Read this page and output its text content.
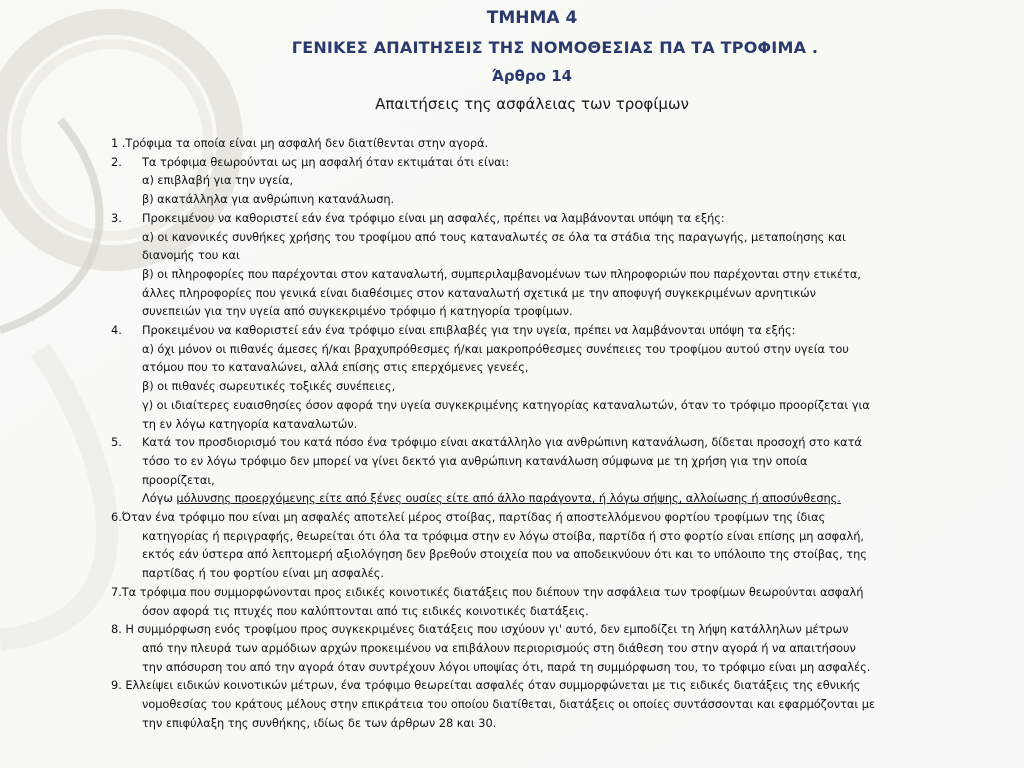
ΤΜΗΜΑ 4
ΓΕΝΙΚΕΣ ΑΠΑΙΤΗΣΕΙΣ ΤΗΣ ΝΟΜΟΘΕΣΙΑΣ ΠΑ ΤΑ ΤΡΟΦΙΜΑ .
Άρθρο 14
Απαιτήσεις της ασφάλειας των τροφίμων
1 .Τρόφιμα τα οποία είναι μη ασφαλή δεν διατίθενται στην αγορά.
2. Τα τρόφιμα θεωρούνται ως μη ασφαλή όταν εκτιμάται ότι είναι:
α) επιβλαβή για την υγεία,
β) ακατάλληλα για ανθρώπινη κατανάλωση.
3. Προκειμένου να καθοριστεί εάν ένα τρόφιμο είναι μη ασφαλές, πρέπει να λαμβάνονται υπόψη τα εξής:
α) οι κανονικές συνθήκες χρήσης του τροφίμου από τους καταναλωτές σε όλα τα στάδια της παραγωγής, μεταποίησης και
διανομής του και
β) οι πληροφορίες που παρέχονται στον καταναλωτή, συμπεριλαμβανομένων των πληροφοριών που παρέχονται στην ετικέτα,
άλλες πληροφορίες που γενικά είναι διαθέσιμες στον καταναλωτή σχετικά με την αποφυγή συγκεκριμένων αρνητικών
συνεπειών για την υγεία από συγκεκριμένο τρόφιμο ή κατηγορία τροφίμων.
4. Προκειμένου να καθοριστεί εάν ένα τρόφιμο είναι επιβλαβές για την υγεία, πρέπει να λαμβάνονται υπόψη τα εξής:
α) όχι μόνον οι πιθανές άμεσες ή/και βραχυπρόθεσμες ή/και μακροπρόθεσμες συνέπειες του τροφίμου αυτού στην υγεία του
ατόμου που το καταναλώνει, αλλά επίσης στις επερχόμενες γενεές,
β) οι πιθανές σωρευτικές τοξικές συνέπειες,
γ) οι ιδιαίτερες ευαισθησίες όσον αφορά την υγεία συγκεκριμένης κατηγορίας καταναλωτών, όταν το τρόφιμο προορίζεται για
τη εν λόγω κατηγορία καταναλωτών.
5. Κατά τον προσδιορισμό του κατά πόσο ένα τρόφιμο είναι ακατάλληλο για ανθρώπινη κατανάλωση, δίδεται προσοχή στο κατά
τόσο το εν λόγω τρόφιμο δεν μπορεί να γίνει δεκτό για ανθρώπινη κατανάλωση σύμφωνα με τη χρήση για την οποία
προορίζεται,
Λόγω μόλυνσης προερχόμενης είτε από ξένες ουσίες είτε από άλλο παράγοντα, ή λόγω σήψης, αλλοίωσης ή αποσύνθεσης.
6.Όταν ένα τρόφιμο που είναι μη ασφαλές αποτελεί μέρος στοίβας, παρτίδας ή αποστελλόμενου φορτίου τροφίμων της ίδιας
κατηγορίας ή περιγραφής, θεωρείται ότι όλα τα τρόφιμα στην εν λόγω στοίβα, παρτίδα ή στο φορτίο είναι επίσης μη ασφαλή,
εκτός εάν ύστερα από λεπτομερή αξιολόγηση δεν βρεθούν στοιχεία που να αποδεικνύουν ότι και το υπόλοιπο της στοίβας, της
παρτίδας ή του φορτίου είναι μη ασφαλές.
7.Τα τρόφιμα που συμμορφώνονται προς ειδικές κοινοτικές διατάξεις που διέπουν την ασφάλεια των τροφίμων θεωρούνται ασφαλή
όσον αφορά τις πτυχές που καλύπτονται από τις ειδικές κοινοτικές διατάξεις.
8. Η συμμόρφωση ενός τροφίμου προς συγκεκριμένες διατάξεις που ισχύουν γι' αυτό, δεν εμποδίζει τη λήψη κατάλληλων μέτρων
από την πλευρά των αρμόδιων αρχών προκειμένου να επιβάλουν περιορισμούς στη διάθεση του στην αγορά ή να απαιτήσουν
την απόσυρση του από την αγορά όταν συντρέχουν λόγοι υποψίας ότι, παρά τη συμμόρφωση του, το τρόφιμο είναι μη ασφαλές.
9. Ελλείψει ειδικών κοινοτικών μέτρων, ένα τρόφιμο θεωρείται ασφαλές όταν συμμορφώνεται με τις ειδικές διατάξεις της εθνικής
νομοθεσίας του κράτους μέλους στην επικράτεια του οποίου διατίθεται, διατάξεις οι οποίες συντάσσονται και εφαρμόζονται με
την επιφύλαξη της συνθήκης, ιδίως δε των άρθρων 28 και 30.
